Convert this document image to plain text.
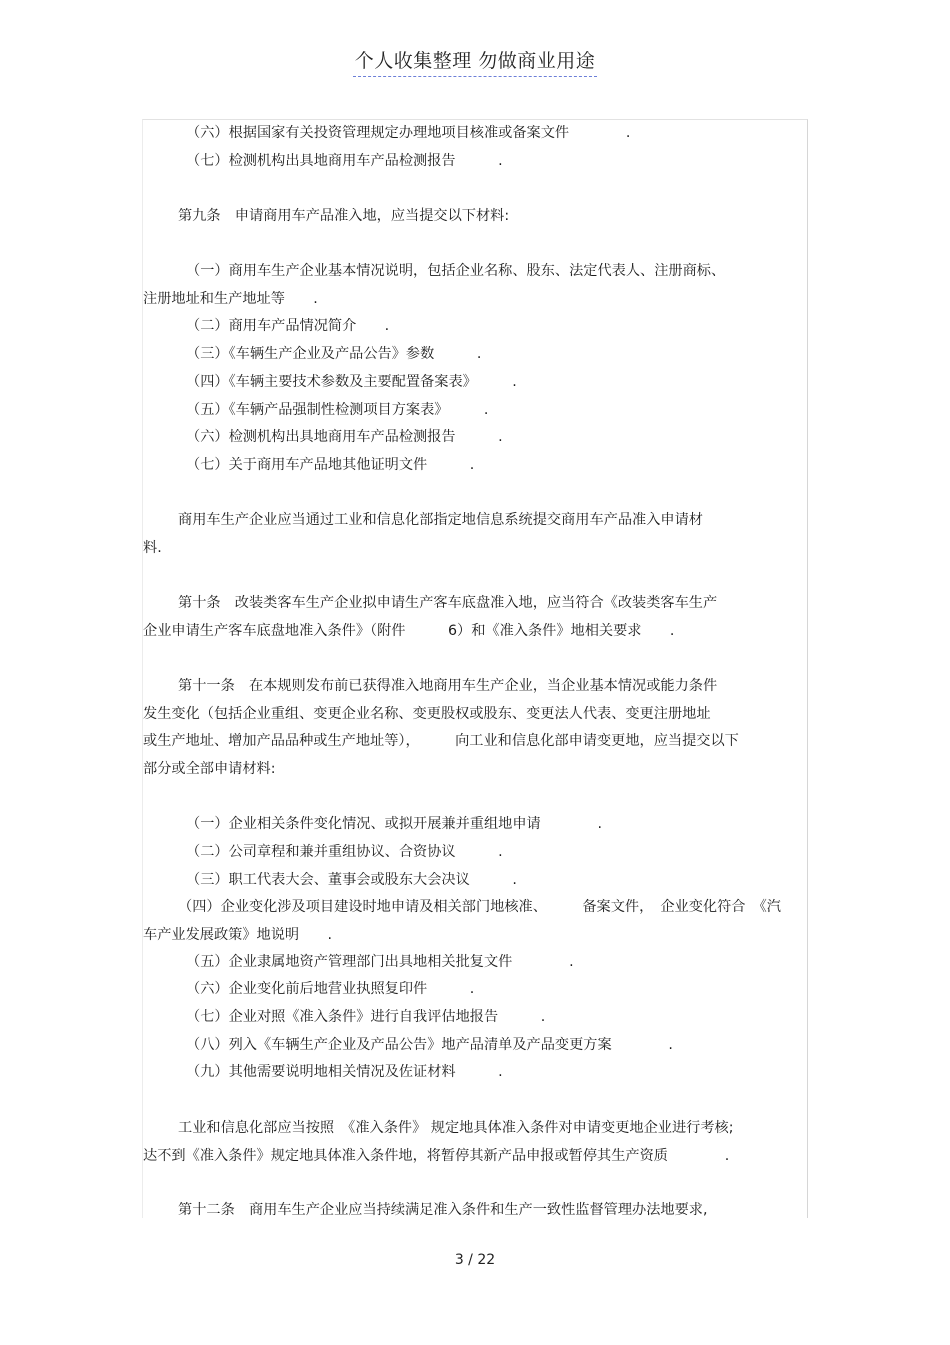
个人收集整理 勿做商业用途
（六）根据国家有关投资管理规定办理地项目核准或备案文件　　　　.
（七）检测机构出具地商用车产品检测报告　　　.
第九条　申请商用车产品准入地，应当提交以下材料:
（一）商用车生产企业基本情况说明，包括企业名称、股东、法定代表人、注册商标、
注册地址和生产地址等　　.
（二）商用车产品情况简介　　.
（三）《车辆生产企业及产品公告》参数　　　.
（四）《车辆主要技术参数及主要配置备案表》　　　.
（五）《车辆产品强制性检测项目方案表》　　　.
（六）检测机构出具地商用车产品检测报告　　　.
（七）关于商用车产品地其他证明文件　　　.
商用车生产企业应当通过工业和信息化部指定地信息系统提交商用车产品准入申请材
料.
第十条　改装类客车生产企业拟申请生产客车底盘准入地，应当符合《改装类客车生产
企业申请生产客车底盘地准入条件》（附件　　　6）和《准入条件》地相关要求　　.
第十一条　在本规则发布前已获得准入地商用车生产企业，当企业基本情况或能力条件
发生变化（包括企业重组、变更企业名称、变更股权或股东、变更法人代表、变更注册地址
或生产地址、增加产品品种或生产地址等），　　　向工业和信息化部申请变更地，应当提交以下
部分或全部申请材料:
（一）企业相关条件变化情况、或拟开展兼并重组地申请　　　　.
（二）公司章程和兼并重组协议、合资协议　　　.
（三）职工代表大会、董事会或股东大会决议　　　.
（四）企业变化涉及项目建设时地申请及相关部门地核准、　　　备案文件，　企业变化符合　《汽
车产业发展政策》地说明　　.
（五）企业隶属地资产管理部门出具地相关批复文件　　　　.
（六）企业变化前后地营业执照复印件　　　.
（七）企业对照《准入条件》进行自我评估地报告　　　.
（八）列入《车辆生产企业及产品公告》地产品清单及产品变更方案　　　　.
（九）其他需要说明地相关情况及佐证材料　　　.
工业和信息化部应当按照　《准入条件》 规定地具体准入条件对申请变更地企业进行考核;
达不到《准入条件》规定地具体准入条件地，将暂停其新产品申报或暂停其生产资质　　　　.
第十二条　商用车生产企业应当持续满足准入条件和生产一致性监督管理办法地要求,
3 / 22
